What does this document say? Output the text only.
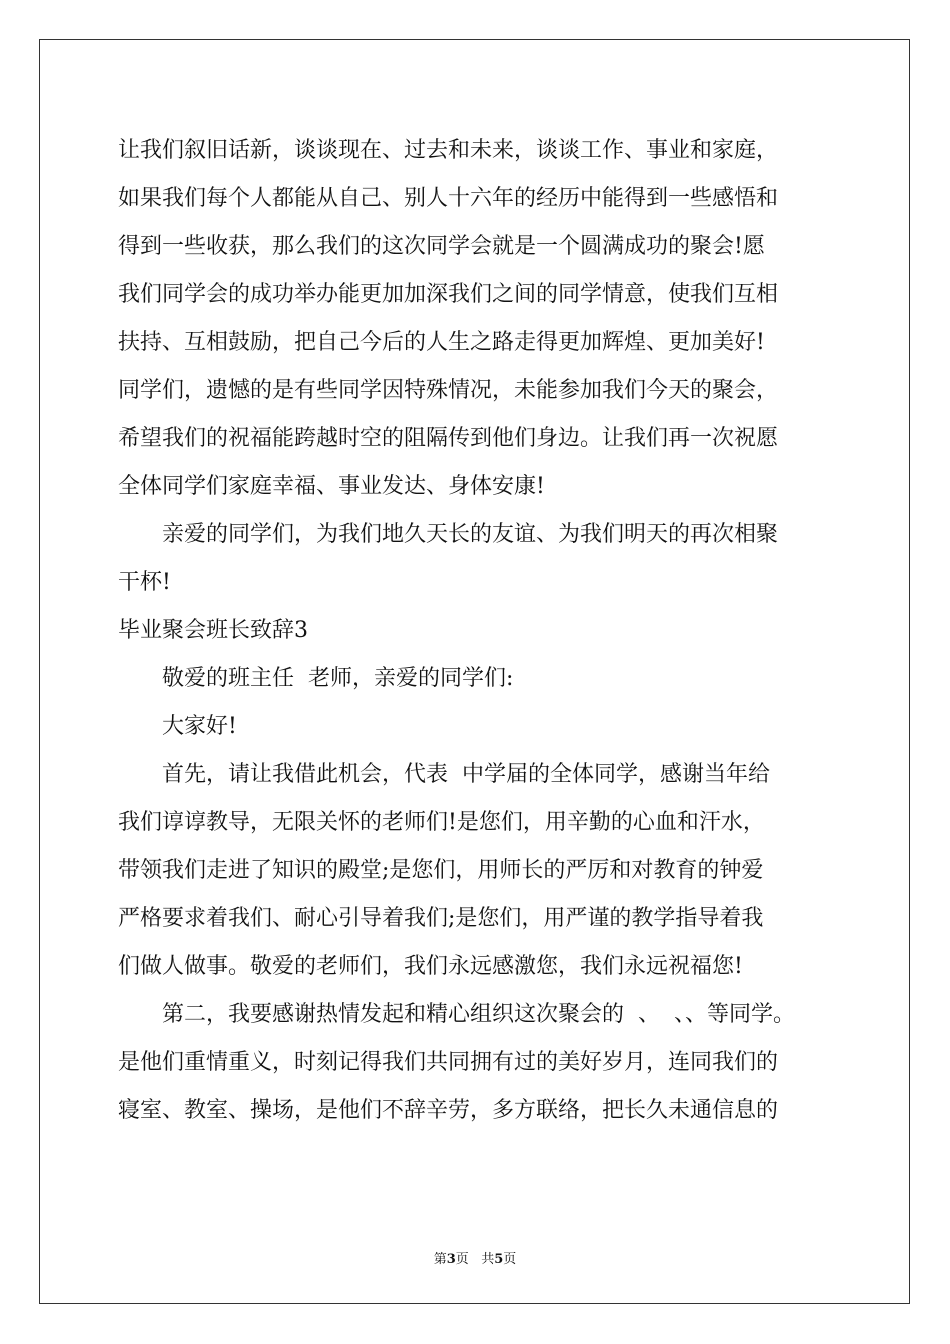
让我们叙旧话新，谈谈现在、过去和未来，谈谈工作、事业和家庭，
如果我们每个人都能从自己、别人十六年的经历中能得到一些感悟和
得到一些收获，那么我们的这次同学会就是一个圆满成功的聚会!愿
我们同学会的成功举办能更加加深我们之间的同学情意，使我们互相
扶持、互相鼓励，把自己今后的人生之路走得更加辉煌、更加美好!
同学们，遗憾的是有些同学因特殊情况，未能参加我们今天的聚会，
希望我们的祝福能跨越时空的阻隔传到他们身边。让我们再一次祝愿
全体同学们家庭幸福、事业发达、身体安康!
亲爱的同学们，为我们地久天长的友谊、为我们明天的再次相聚
干杯!
毕业聚会班长致辞3
敬爱的班主任  老师，亲爱的同学们:
大家好!
首先，请让我借此机会，代表  中学届的全体同学，感谢当年给
我们谆谆教导，无限关怀的老师们!是您们，用辛勤的心血和汗水，
带领我们走进了知识的殿堂;是您们，用师长的严厉和对教育的钟爱
严格要求着我们、耐心引导着我们;是您们，用严谨的教学指导着我
们做人做事。敬爱的老师们，我们永远感激您，我们永远祝福您!
第二，我要感谢热情发起和精心组织这次聚会的  、  、、等同学。
是他们重情重义，时刻记得我们共同拥有过的美好岁月，连同我们的
寝室、教室、操场，是他们不辞辛劳，多方联络，把长久未通信息的
第3页 共5页
